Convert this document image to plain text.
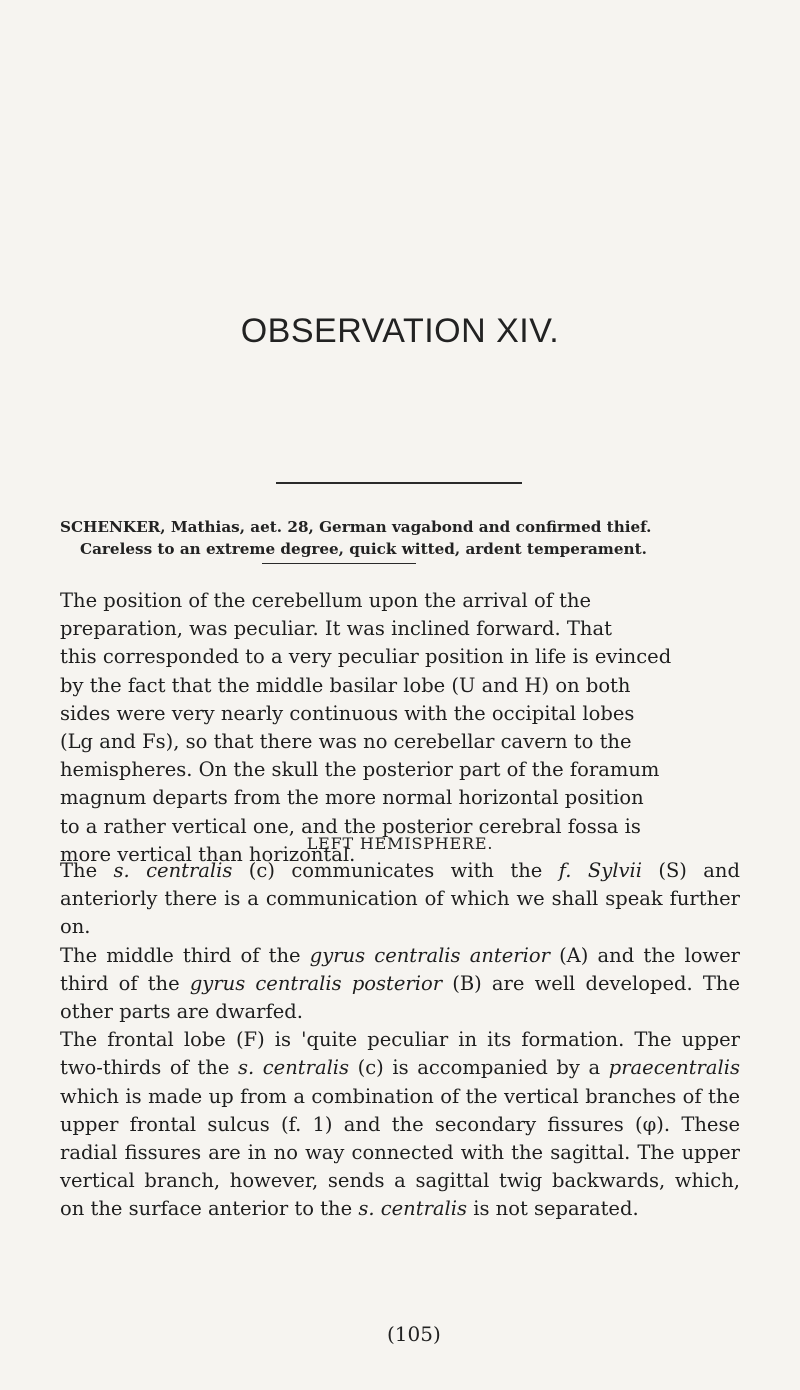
OBSERVATION XIV.
SCHENKER, Mathias, aet. 28, German vagabond and confirmed thief.
Careless to an extreme degree, quick witted, ardent temperament.
The position of the cerebellum upon the arrival of the
preparation, was peculiar. It was inclined forward. That
this corresponded to a very peculiar position in life is evinced
by the fact that the middle basilar lobe (U and H) on both
sides were very nearly continuous with the occipital lobes
(Lg and Fs), so that there was no cerebellar cavern to the
hemispheres. On the skull the posterior part of the foramum
magnum departs from the more normal horizontal position
to a rather vertical one, and the posterior cerebral fossa is
more vertical than horizontal.
LEFT HEMISPHERE.

The s. centralis (c) communicates with the f. Sylvii (S) and anteriorly there is a communication of which we shall speak further on.

The middle third of the gyrus centralis anterior (A) and the lower third of the gyrus centralis posterior (B) are well developed. The other parts are dwarfed.

The frontal lobe (F) is 'quite peculiar in its formation. The upper two-thirds of the s. centralis (c) is accompanied by a praecentralis which is made up from a combination of the vertical branches of the upper frontal sulcus (f. 1) and the secondary fissures (φ). These radial fissures are in no way connected with the sagittal. The upper vertical branch, however, sends a sagittal twig backwards, which, on the surface anterior to the s. centralis is not separated.

(105)
